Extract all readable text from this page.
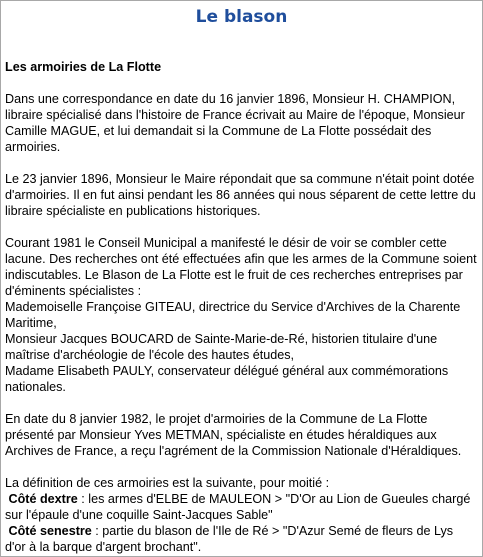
Le blason

Les armoiries de La Flotte

Dans une correspondance en date du 16 janvier 1896, Monsieur H. CHAMPION, libraire spécialisé dans l'histoire de France écrivait au Maire de l'époque, Monsieur Camille MAGUE, et lui demandait si la Commune de La Flotte possédait des armoiries.

Le 23 janvier 1896, Monsieur le Maire répondait que sa commune n'était point dotée d'armoiries. Il en fut ainsi pendant les 86 années qui nous séparent de cette lettre du libraire spécialiste en publications historiques.

Courant 1981 le Conseil Municipal a manifesté le désir de voir se combler cette lacune. Des recherches ont été effectuées afin que les armes de la Commune soient indiscutables. Le Blason de La Flotte est le fruit de ces recherches entreprises par d'éminents spécialistes :
Mademoiselle Françoise GITEAU, directrice du Service d'Archives de la Charente Maritime,
Monsieur Jacques BOUCARD de Sainte-Marie-de-Ré, historien titulaire d'une maîtrise d'archéologie de l'école des hautes études,
Madame Elisabeth PAULY, conservateur délégué général aux commémorations nationales.

En date du 8 janvier 1982, le projet d'armoiries de la Commune de La Flotte présenté par Monsieur Yves METMAN, spécialiste en études héraldiques aux Archives de France, a reçu l'agrément de la Commission Nationale d'Héraldiques.

La définition de ces armoiries est la suivante, pour moitié :
Côté dextre : les armes d'ELBE de MAULEON > "D'Or au Lion de Gueules chargé sur l'épaule d'une coquille Saint-Jacques Sable"
Côté senestre : partie du blason de l'Ile de Ré > "D'Azur Semé de fleurs de Lys d'or à la barque d'argent brochant".
